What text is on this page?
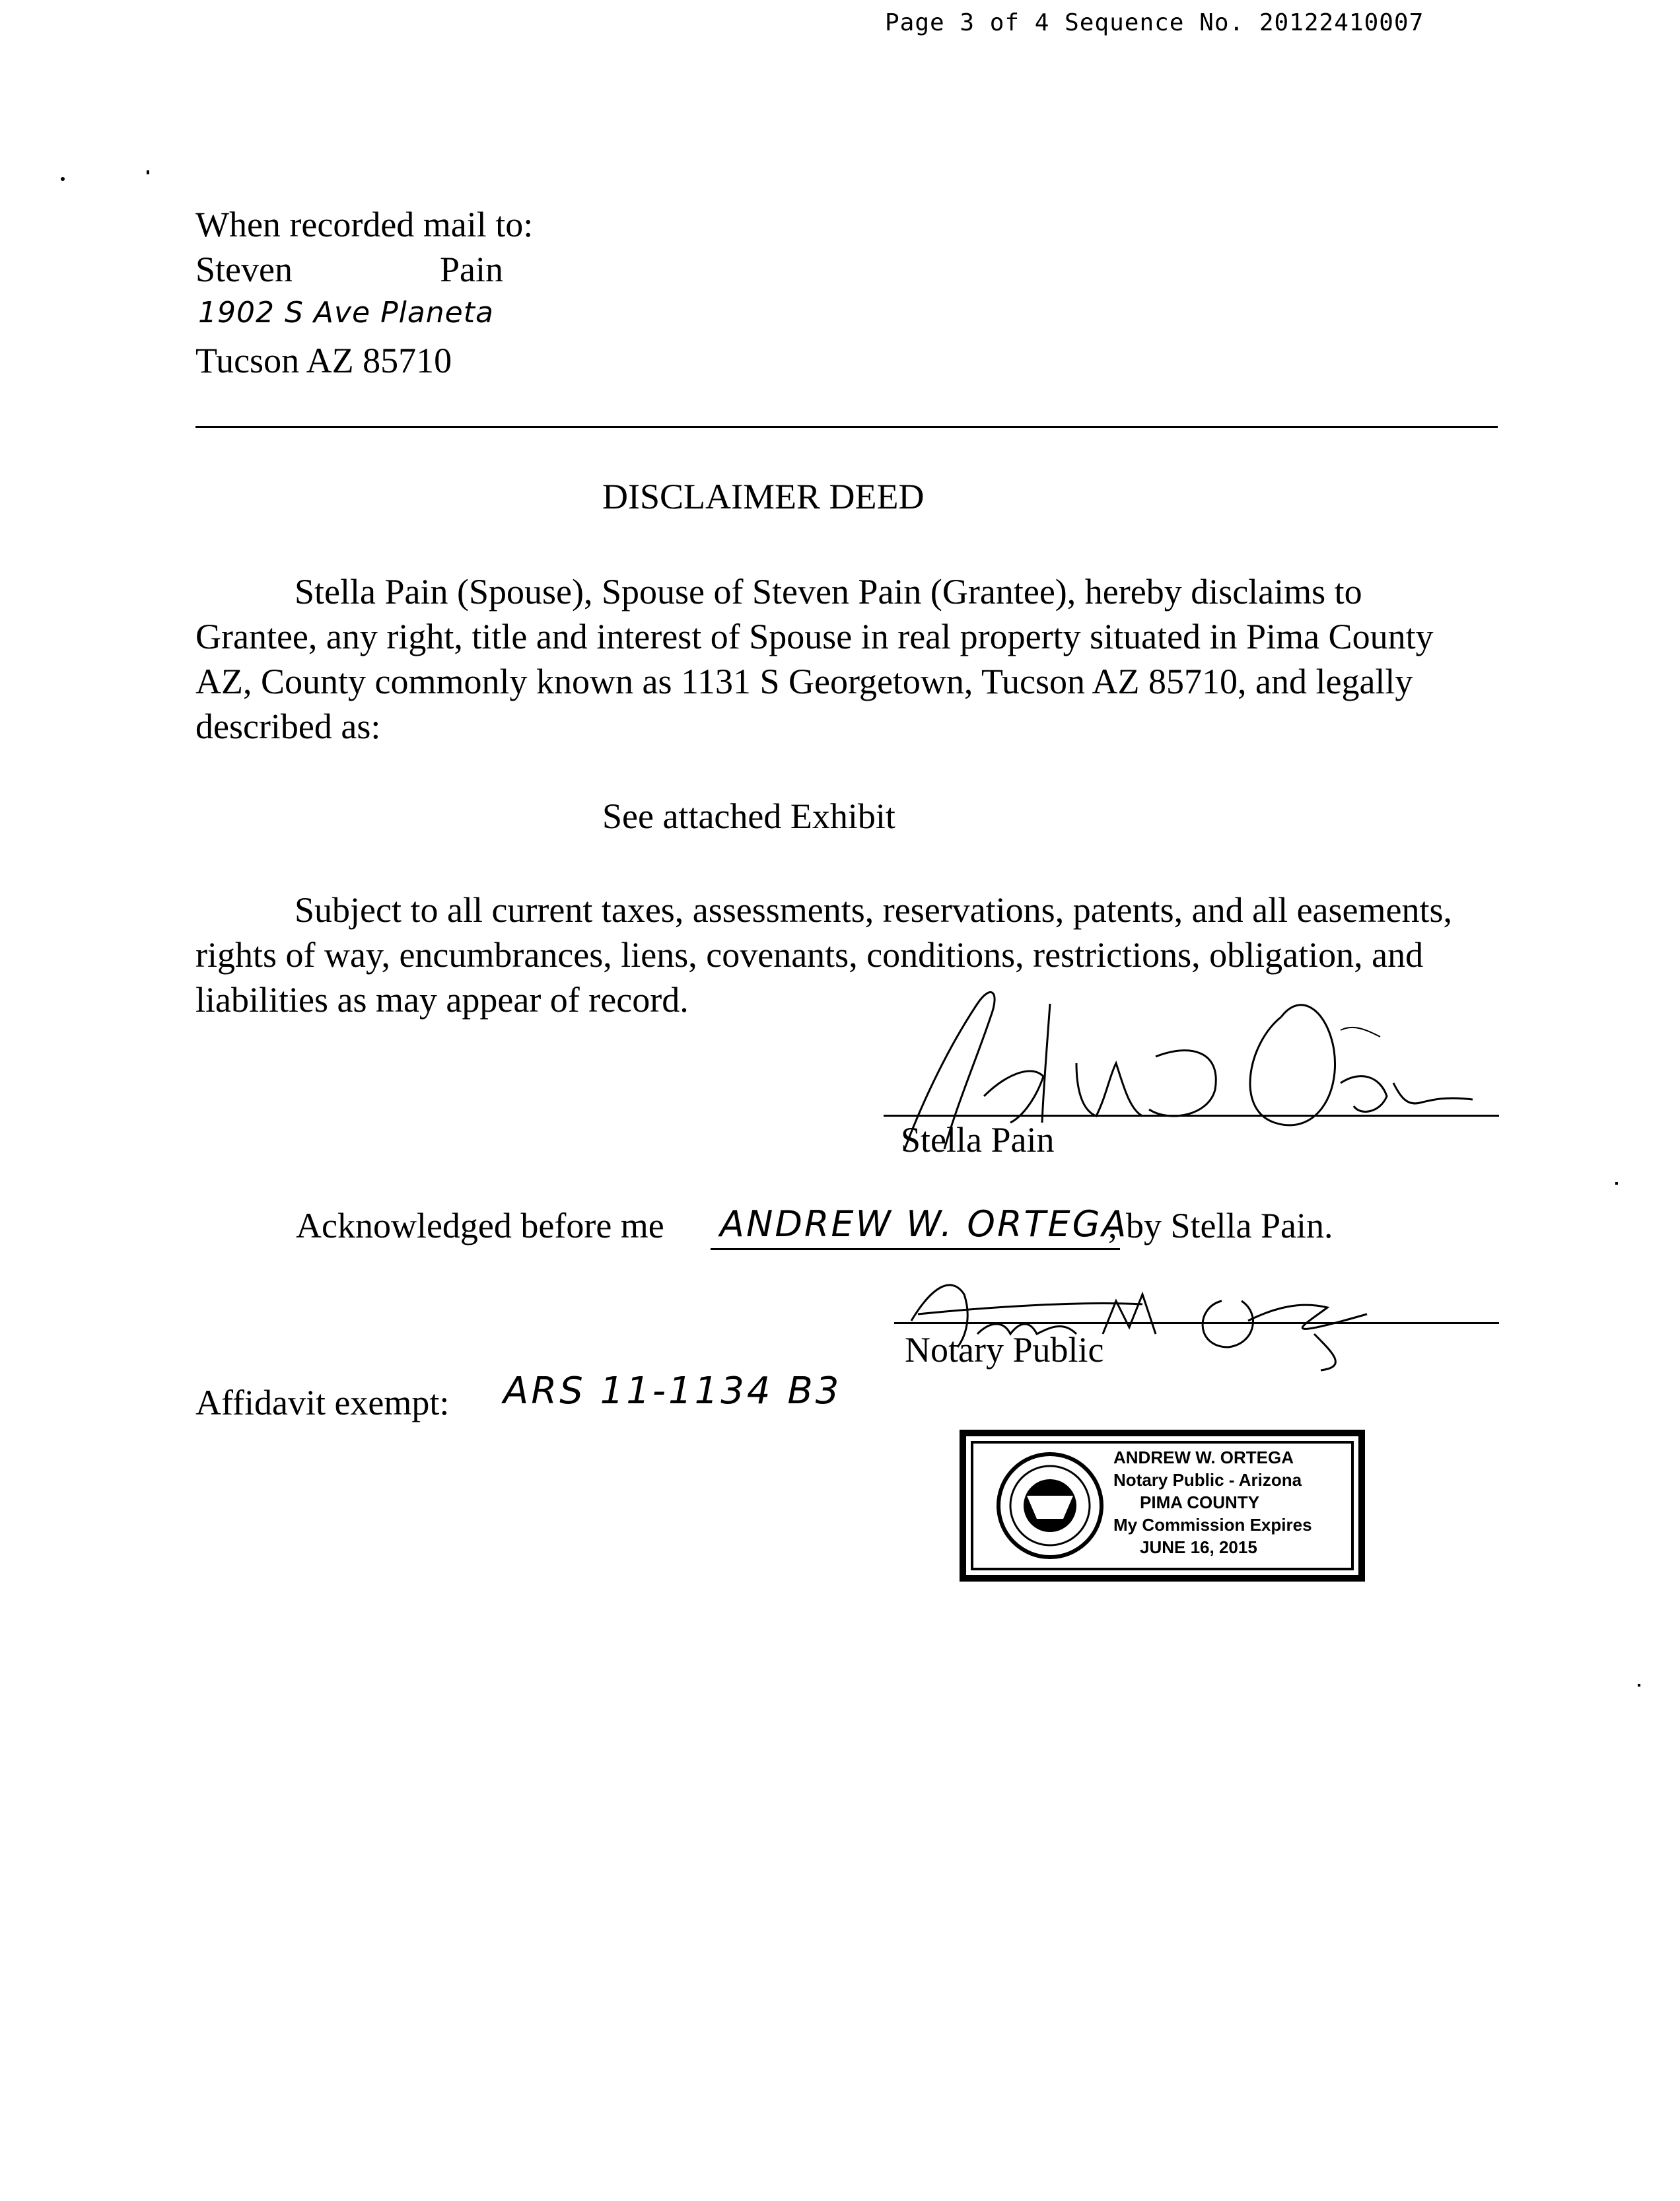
Page 3 of 4 Sequence No. 20122410007
When recorded mail to:
Steven	Pain
1902 S Ave Planeta
Tucson AZ 85710
DISCLAIMER DEED
Stella Pain (Spouse), Spouse of Steven Pain (Grantee), hereby disclaims to Grantee, any right, title and interest of Spouse in real property situated in Pima County AZ, County commonly known as 1131 S Georgetown, Tucson AZ 85710, and legally described as:
See attached Exhibit
Subject to all current taxes, assessments, reservations, patents, and all easements, rights of way, encumbrances, liens, covenants, conditions, restrictions, obligation, and liabilities as may appear of record.
Stella Pain
Acknowledged before me ANDREW W. ORTEGA
, by Stella Pain.
Notary Public
Affidavit exempt: ARS 11-1134 B3
ANDREW W. ORTEGA
Notary Public - Arizona
PIMA COUNTY
My Commission Expires
JUNE 16, 2015
